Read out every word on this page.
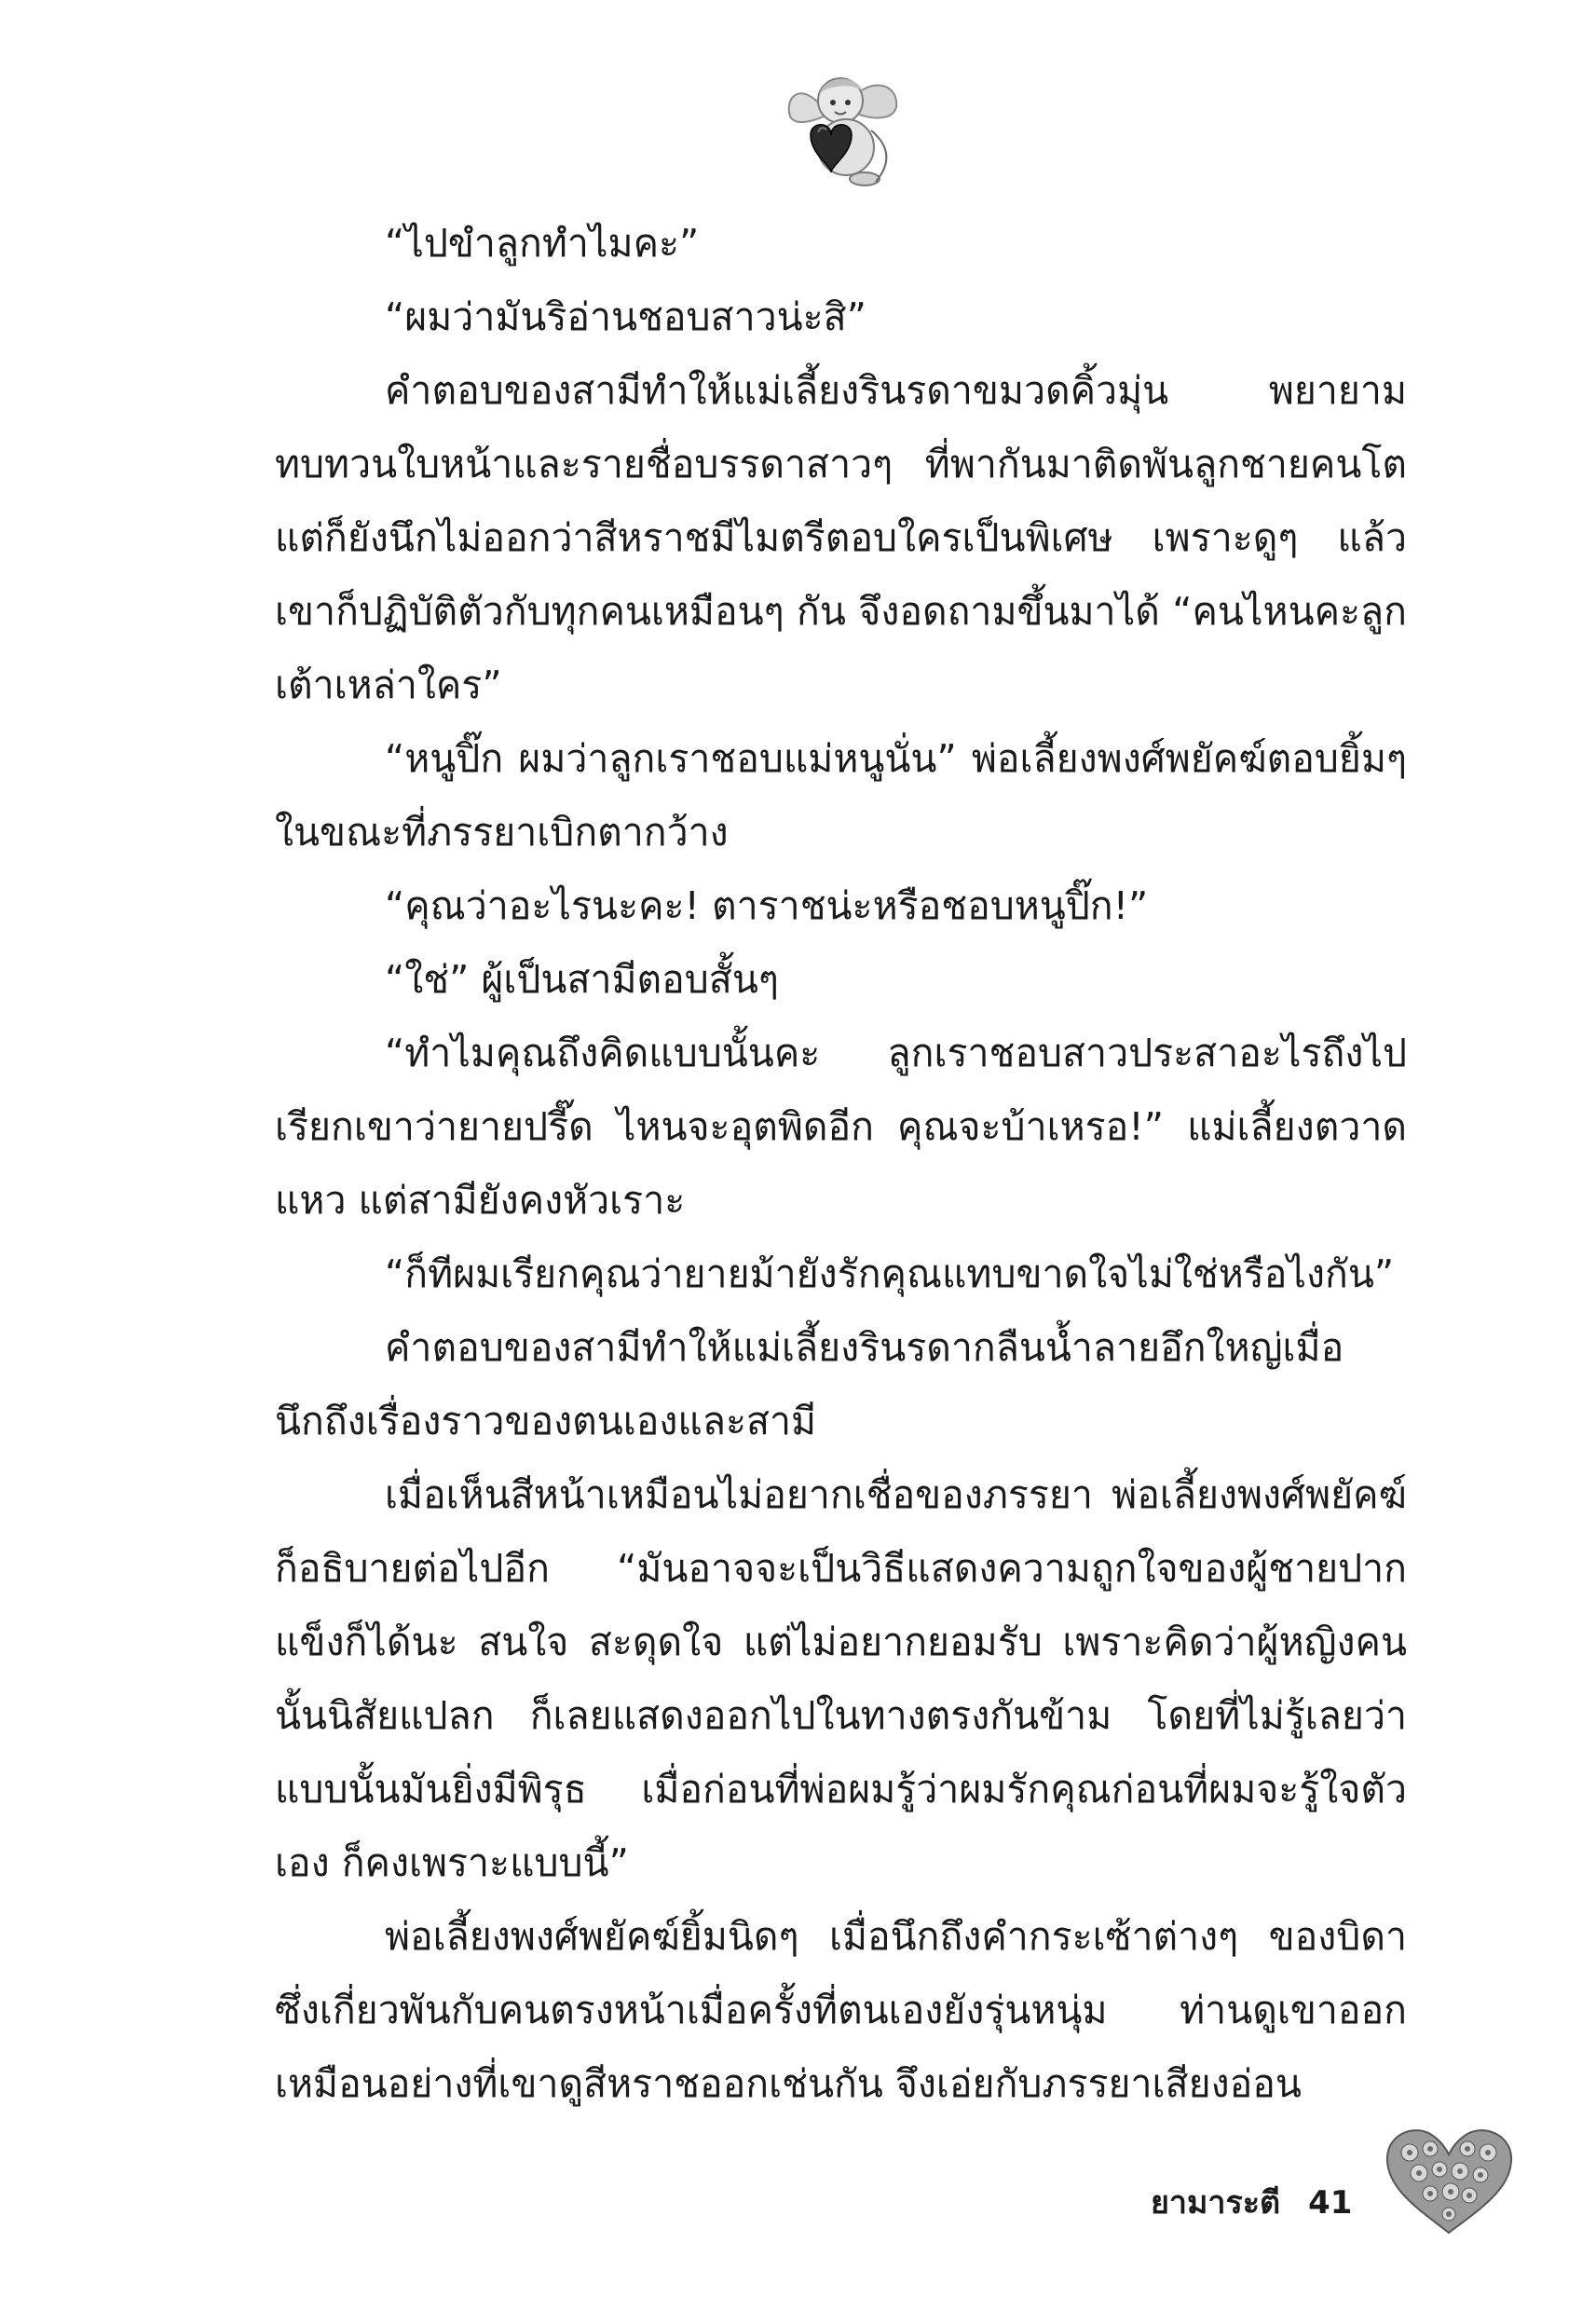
“ไปขำลูกทำไมคะ”

“ผมว่ามันริอ่านชอบสาวน่ะสิ”

คำตอบของสามีทำให้แม่เลี้ยงรินรดาขมวดคิ้วมุ่น พยายามทบทวนใบหน้าและรายชื่อบรรดาสาวๆ ที่พากันมาติดพันลูกชายคนโตแต่ก็ยังนึกไม่ออกว่าสีหราชมีไมตรีตอบใครเป็นพิเศษ เพราะดูๆ แล้วเขาก็ปฏิบัติตัวกับทุกคนเหมือนๆ กัน จึงอดถามขึ้นมาได้ “คนไหนคะลูกเต้าเหล่าใคร”

“หนูปิ๊ก ผมว่าลูกเราชอบแม่หนูนั่น” พ่อเลี้ยงพงศ์พยัคฆ์ตอบยิ้มๆในขณะที่ภรรยาเบิกตากว้าง

“คุณว่าอะไรนะคะ! ตาราชน่ะหรือชอบหนูปิ๊ก!”

“ใช่” ผู้เป็นสามีตอบสั้นๆ

“ทำไมคุณถึงคิดแบบนั้นคะ ลูกเราชอบสาวประสาอะไรถึงไปเรียกเขาว่ายายปรี๊ด ไหนจะอุตพิดอีก คุณจะบ้าเหรอ!” แม่เลี้ยงตวาดแหว แต่สามียังคงหัวเราะ

“ก็ทีผมเรียกคุณว่ายายม้ายังรักคุณแทบขาดใจไม่ใช่หรือไงกัน”

คำตอบของสามีทำให้แม่เลี้ยงรินรดากลืนน้ำลายอึกใหญ่เมื่อนึกถึงเรื่องราวของตนเองและสามี

เมื่อเห็นสีหน้าเหมือนไม่อยากเชื่อของภรรยา พ่อเลี้ยงพงศ์พยัคฆ์ก็อธิบายต่อไปอีก “มันอาจจะเป็นวิธีแสดงความถูกใจของผู้ชายปากแข็งก็ได้นะ สนใจ สะดุดใจ แต่ไม่อยากยอมรับ เพราะคิดว่าผู้หญิงคนนั้นนิสัยแปลก ก็เลยแสดงออกไปในทางตรงกันข้าม โดยที่ไม่รู้เลยว่าแบบนั้นมันยิ่งมีพิรุธ เมื่อก่อนที่พ่อผมรู้ว่าผมรักคุณก่อนที่ผมจะรู้ใจตัวเอง ก็คงเพราะแบบนี้”

พ่อเลี้ยงพงศ์พยัคฆ์ยิ้มนิดๆ เมื่อนึกถึงคำกระเซ้าต่างๆ ของบิดาซึ่งเกี่ยวพันกับคนตรงหน้าเมื่อครั้งที่ตนเองยังรุ่นหนุ่ม ท่านดูเขาออกเหมือนอย่างที่เขาดูสีหราชออกเช่นกัน จึงเอ่ยกับภรรยาเสียงอ่อน

ยามาระตี 41
